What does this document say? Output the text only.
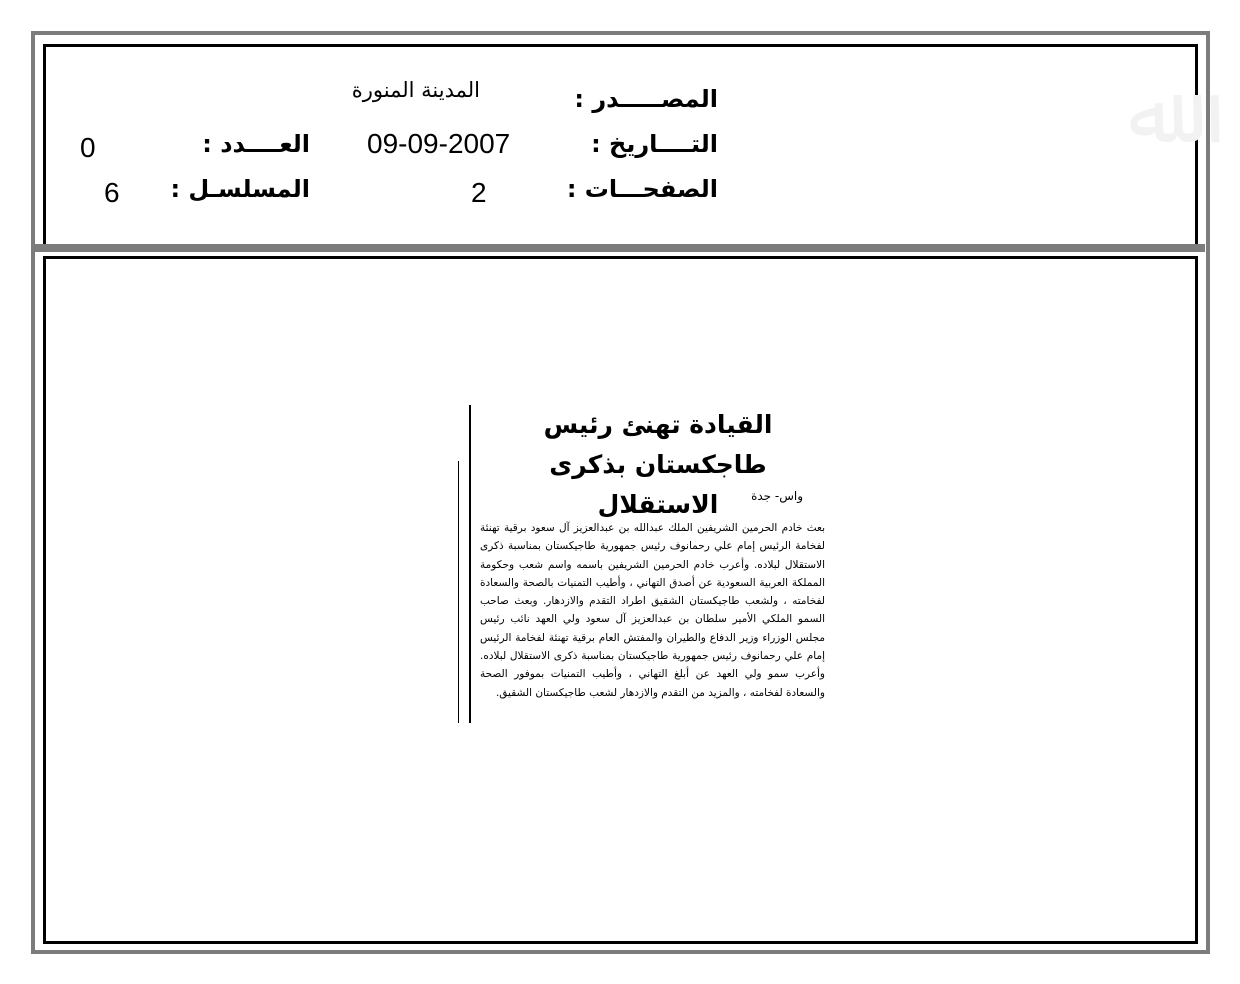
ﷲ
المصـــــدر :
المدينة المنورة
التــــاريخ :
09-09-2007
الصفحـــات :
2
العــــدد :
0
المسلسـل :
6
القيادة تهنئ رئيس
طاجكستان بذكرى الاستقلال	واس- جدة
بعث خادم الحرمين الشريفين الملك عبدالله بن عبدالعزيز آل سعود برقية تهنئة لفخامة الرئيس إمام علي رحمانوف رئيس جمهورية طاجيكستان بمناسبة ذكرى الاستقلال لبلاده. وأعرب خادم الحرمين الشريفين باسمه واسم شعب وحكومة المملكة العربية السعودية عن أصدق التهاني ، وأطيب التمنيات بالصحة والسعادة لفخامته ، ولشعب طاجيكستان الشقيق اطراد التقدم والازدهار. وبعث صاحب السمو الملكي الأمير سلطان بن عبدالعزيز آل سعود ولي العهد نائب رئيس مجلس الوزراء وزير الدفاع والطيران والمفتش العام برقية تهنئة لفخامة الرئيس إمام علي رحمانوف رئيس جمهورية طاجيكستان بمناسبة ذكرى الاستقلال لبلاده. وأعرب سمو ولي العهد عن أبلغ التهاني ، وأطيب التمنيات بموفور الصحة والسعادة لفخامته ، والمزيد من التقدم والازدهار لشعب طاجيكستان الشقيق.
